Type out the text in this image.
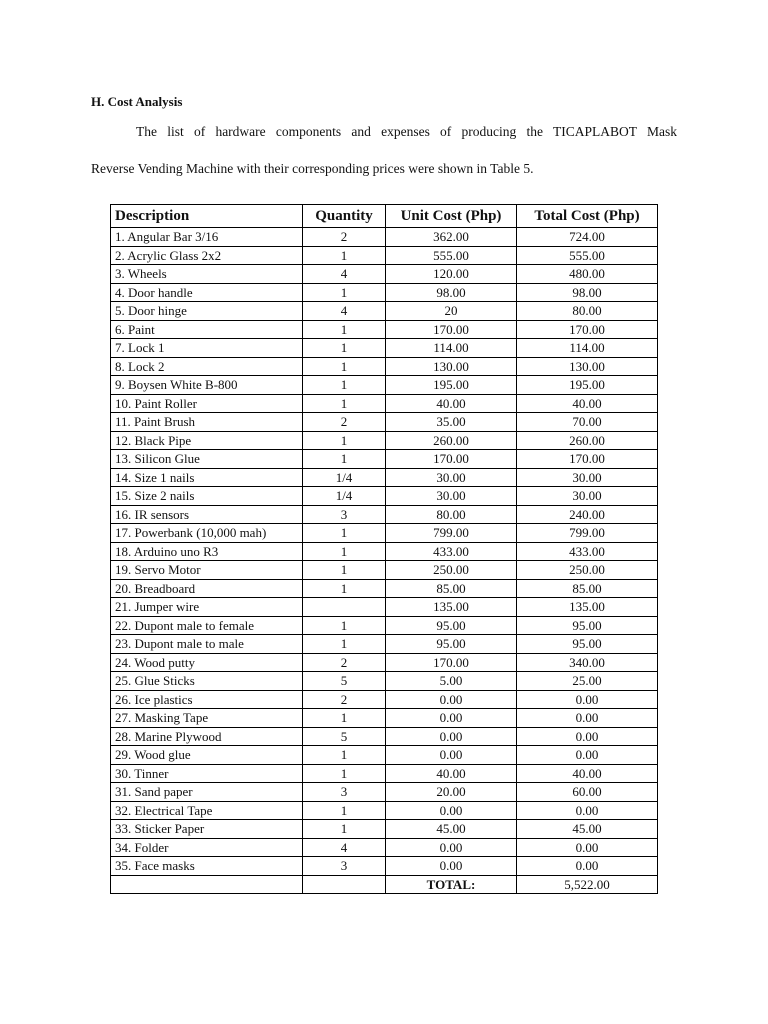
H. Cost Analysis

The list of hardware components and expenses of producing the TICAPLABOT Mask

Reverse Vending Machine with their corresponding prices were shown in Table 5.

Description	Quantity	Unit Cost (Php)	Total Cost (Php)
1. Angular Bar 3/16	2	362.00	724.00
2. Acrylic Glass 2x2	1	555.00	555.00
3. Wheels	4	120.00	480.00
4. Door handle	1	98.00	98.00
5. Door hinge	4	20	80.00
6. Paint	1	170.00	170.00
7. Lock 1	1	114.00	114.00
8. Lock 2	1	130.00	130.00
9. Boysen White B-800	1	195.00	195.00
10. Paint Roller	1	40.00	40.00
11. Paint Brush	2	35.00	70.00
12. Black Pipe	1	260.00	260.00
13. Silicon Glue	1	170.00	170.00
14. Size 1 nails	1/4	30.00	30.00
15. Size 2 nails	1/4	30.00	30.00
16. IR sensors	3	80.00	240.00
17. Powerbank (10,000 mah)	1	799.00	799.00
18. Arduino uno R3	1	433.00	433.00
19. Servo Motor	1	250.00	250.00
20. Breadboard	1	85.00	85.00
21. Jumper wire		135.00	135.00
22. Dupont male to female	1	95.00	95.00
23. Dupont male to male	1	95.00	95.00
24. Wood putty	2	170.00	340.00
25. Glue Sticks	5	5.00	25.00
26. Ice plastics	2	0.00	0.00
27. Masking Tape	1	0.00	0.00
28. Marine Plywood	5	0.00	0.00
29. Wood glue	1	0.00	0.00
30. Tinner	1	40.00	40.00
31. Sand paper	3	20.00	60.00
32. Electrical Tape	1	0.00	0.00
33. Sticker Paper	1	45.00	45.00
34. Folder	4	0.00	0.00
35. Face masks	3	0.00	0.00
		TOTAL:	5,522.00
